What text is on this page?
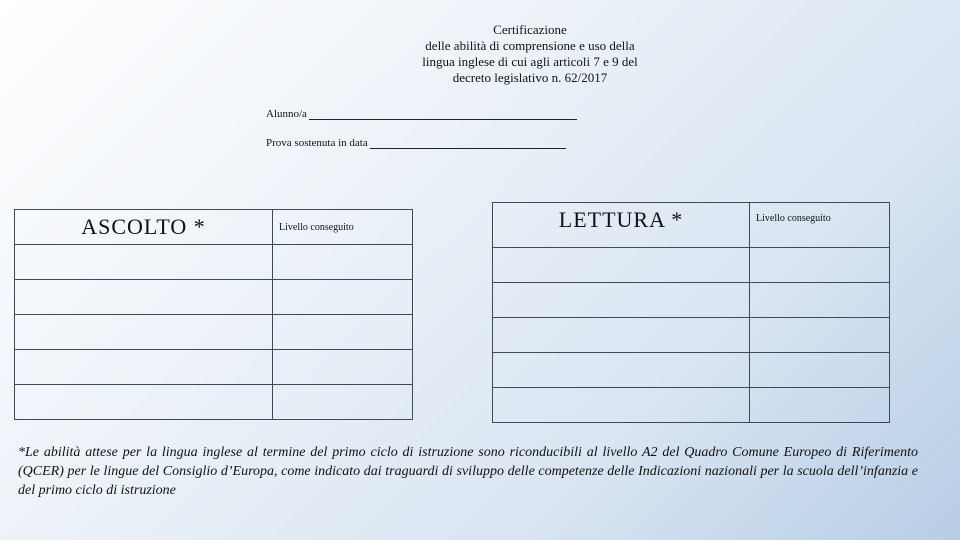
Certificazione
delle abilità di comprensione e uso della
lingua inglese di cui agli articoli 7 e 9 del
decreto legislativo n. 62/2017
Alunno/a
Prova sostenuta in data
ASCOLTO *	Livello conseguito

		LETTURA *	Livello conseguito

*Le abilità attese per la lingua inglese al termine del primo ciclo di istruzione sono riconducibili al livello A2 del Quadro Comune Europeo di Riferimento (QCER) per le lingue del Consiglio d’Europa, come indicato dai traguardi di sviluppo delle competenze delle Indicazioni nazionali per la scuola dell’infanzia e del primo ciclo di istruzione
